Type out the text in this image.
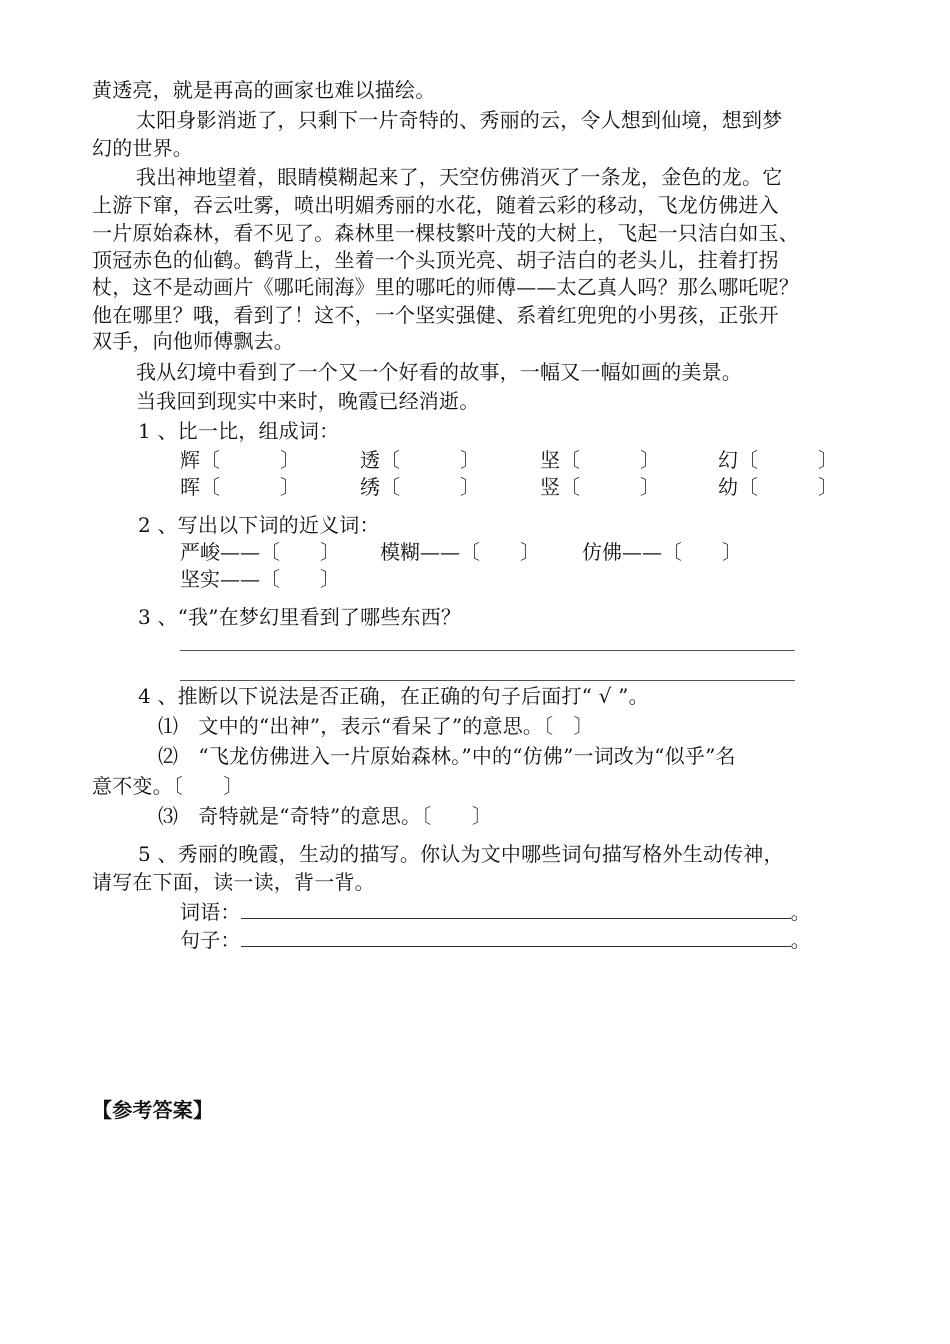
黄透亮，就是再高的画家也难以描绘。
太阳身影消逝了，只剩下一片奇特的、秀丽的云，令人想到仙境，想到梦
幻的世界。
我出神地望着，眼睛模糊起来了，天空仿佛消灭了一条龙，金色的龙。它
上游下窜，吞云吐雾，喷出明媚秀丽的水花，随着云彩的移动，飞龙仿佛进入
一片原始森林，看不见了。森林里一棵枝繁叶茂的大树上，飞起一只洁白如玉、
顶冠赤色的仙鹤。鹤背上，坐着一个头顶光亮、胡子洁白的老头儿，拄着打拐
杖，这不是动画片《哪吒闹海》里的哪吒的师傅——太乙真人吗？那么哪吒呢？
他在哪里？哦，看到了！这不，一个坚实强健、系着红兜兜的小男孩，正张开
双手，向他师傅飘去。
我从幻境中看到了一个又一个好看的故事，一幅又一幅如画的美景。
当我回到现实中来时，晚霞已经消逝。
1 、比一比，组成词：
辉〔　　　〕	透〔　　　〕	坚〔　　　〕	幻〔　　　〕
晖〔　　　〕	绣〔　　　〕	竖〔　　　〕	幼〔　　　〕
2 、写出以下词的近义词：
严峻——〔　　〕 模糊——〔　　〕 仿佛——〔　　〕
坚实——〔　　〕
3 、“我”在梦幻里看到了哪些东西？
4 、推断以下说法是否正确，在正确的句子后面打“ √ ”。
⑴　文中的“出神”，表示“看呆了”的意思。〔　〕
⑵　“飞龙仿佛进入一片原始森林。”中的“仿佛”一词改为“似乎”名
意不变。〔　　〕
⑶　奇特就是“奇特”的意思。〔　　〕
5 、秀丽的晚霞，生动的描写。你认为文中哪些词句描写格外生动传神，
请写在下面，读一读，背一背。
词语：	。
句子：	。
【参考答案】
